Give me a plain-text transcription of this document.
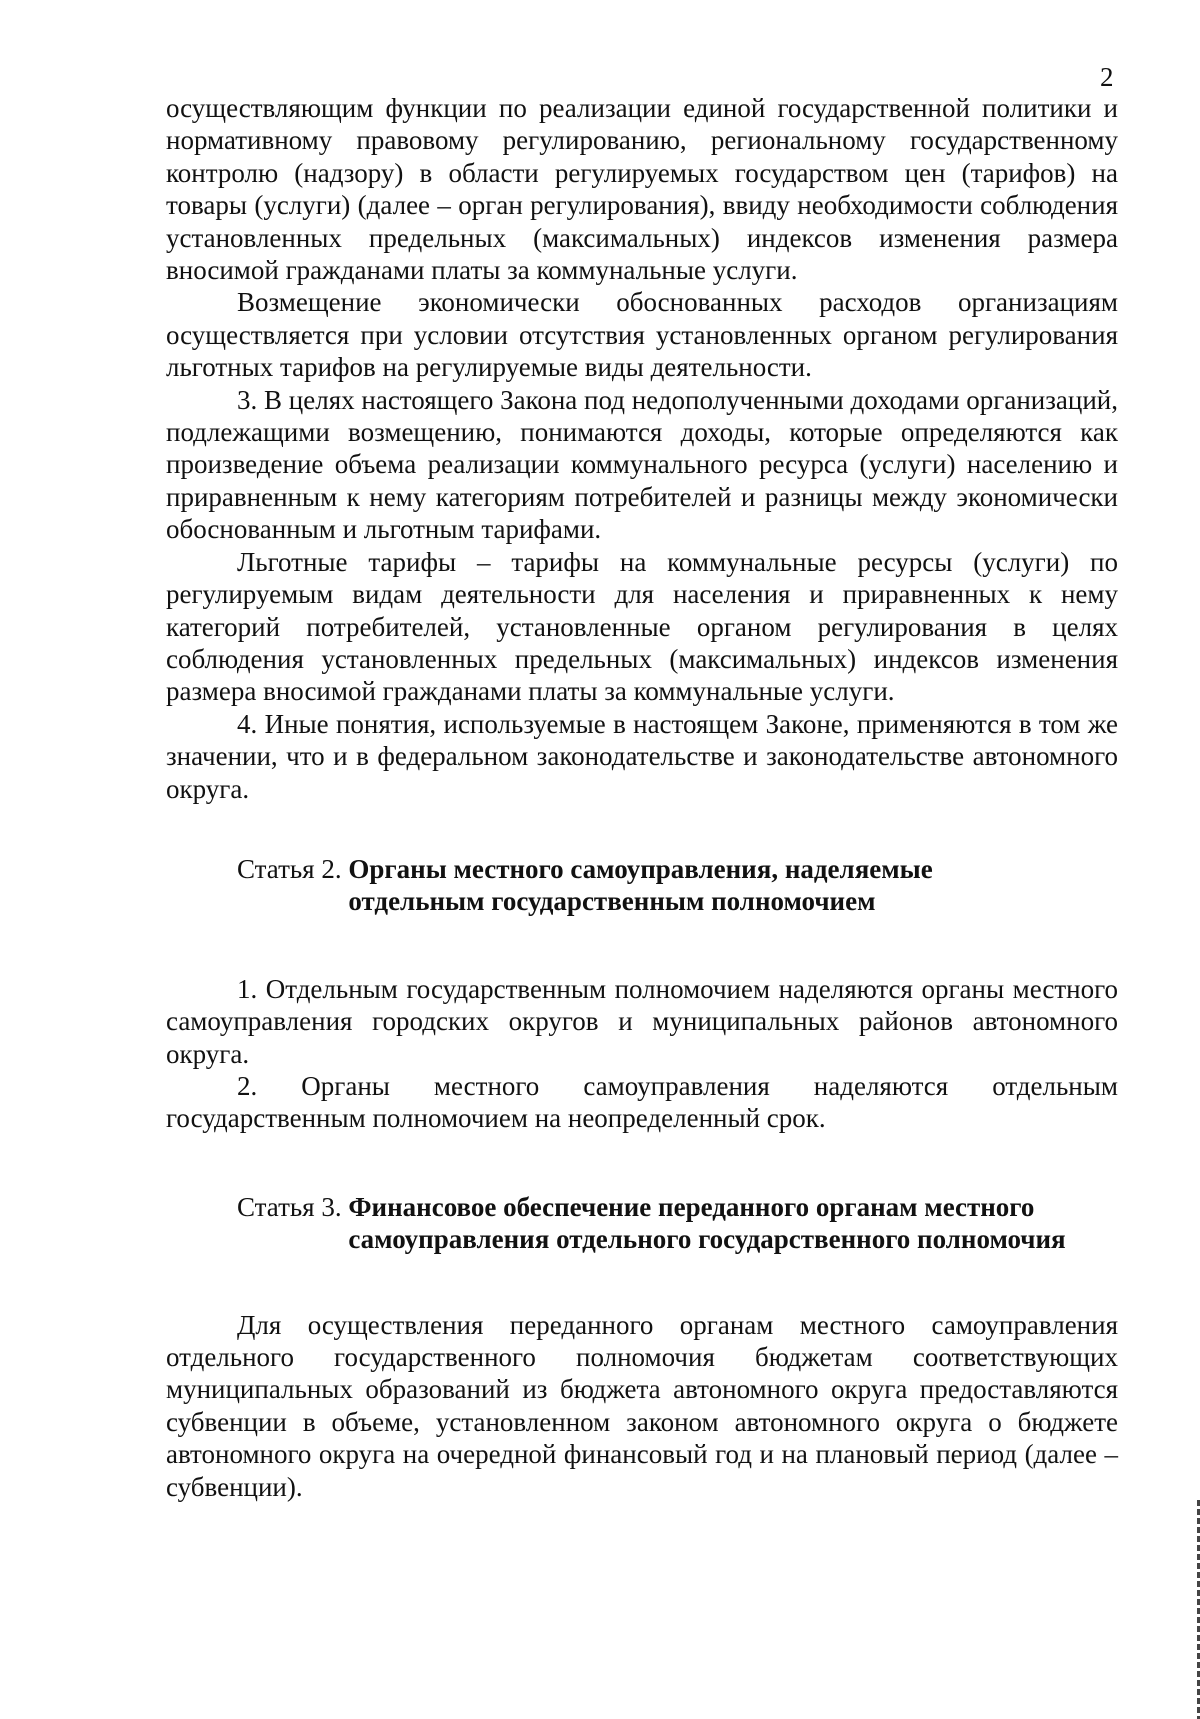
2

осуществляющим функции по реализации единой государственной политики и нормативному правовому регулированию, региональному государственному контролю (надзору) в области регулируемых государством цен (тарифов) на товары (услуги) (далее – орган регулирования), ввиду необходимости соблюдения установленных предельных (максимальных) индексов изменения размера вносимой гражданами платы за коммунальные услуги.

Возмещение экономически обоснованных расходов организациям осуществляется при условии отсутствия установленных органом регулирования льготных тарифов на регулируемые виды деятельности.

3. В целях настоящего Закона под недополученными доходами организаций, подлежащими возмещению, понимаются доходы, которые определяются как произведение объема реализации коммунального ресурса (услуги) населению и приравненным к нему категориям потребителей и разницы между экономически обоснованным и льготным тарифами.

Льготные тарифы – тарифы на коммунальные ресурсы (услуги) по регулируемым видам деятельности для населения и приравненных к нему категорий потребителей, установленные органом регулирования в целях соблюдения установленных предельных (максимальных) индексов изменения размера вносимой гражданами платы за коммунальные услуги.

4. Иные понятия, используемые в настоящем Законе, применяются в том же значении, что и в федеральном законодательстве и законодательстве автономного округа.

Статья 2. Органы местного самоуправления, наделяемые отдельным государственным полномочием

1. Отдельным государственным полномочием наделяются органы местного самоуправления городских округов и муниципальных районов автономного округа.

2. Органы местного самоуправления наделяются отдельным государственным полномочием на неопределенный срок.

Статья 3. Финансовое обеспечение переданного органам местного самоуправления отдельного государственного полномочия

Для осуществления переданного органам местного самоуправления отдельного государственного полномочия бюджетам соответствующих муниципальных образований из бюджета автономного округа предоставляются субвенции в объеме, установленном законом автономного округа о бюджете автономного округа на очередной финансовый год и на плановый период (далее – субвенции).
